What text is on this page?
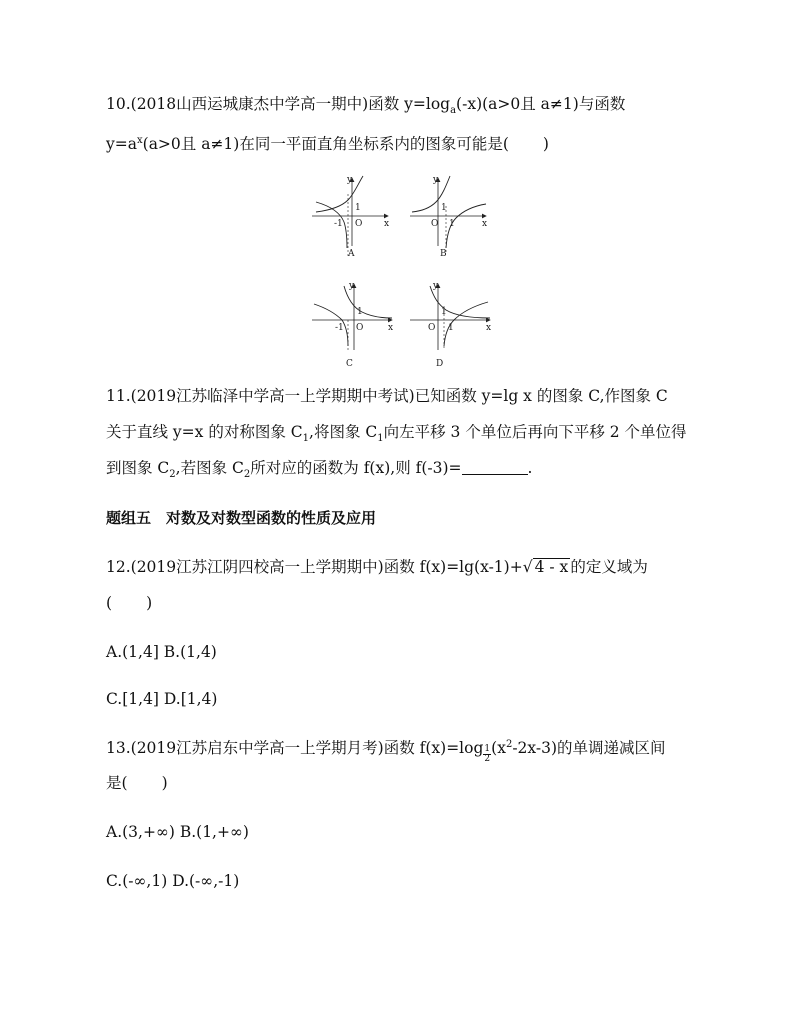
10.(2018山西运城康杰中学高一期中)函数 $y=\log_a(-x)(a>0$且 a≠1)与函数
$y=a^x(a>0$且 a≠1)在同一平面直角坐标系内的图象可能是( )
y
x
O
1
-1
A
y
x
O
1
1
B
y
x
O
1
-1
C
y
x
O
1
1
D
11.(2019江苏临泽中学高一上学期期中考试)已知函数 y=lg x 的图象 C,作图象 C
关于直线 y=x 的对称图象 $C_1$,将图象 $C_1$向左平移 3 个单位后再向下平移 2 个单位得
到图象 $C_2$,若图象 $C_2$所对应的函数为 f(x),则 f(-3)=	.
题组五　对数及对数型函数的性质及应用
12.(2019江苏江阴四校高一上学期期中)函数 f(x)=lg(x-1)+√ 4 - x 的定义域为
( )
A.(1,4] B.(1,4)
C.[1,4] D.[1,4)
13.(2019江苏启东中学高一上学期月考)函数 $f(x)=\log \frac{1}{2} (x^2-2x-3)$的单调递减区间
是( )
A.(3,+∞) B.(1,+∞)
C.(-∞,1) D.(-∞,-1)
